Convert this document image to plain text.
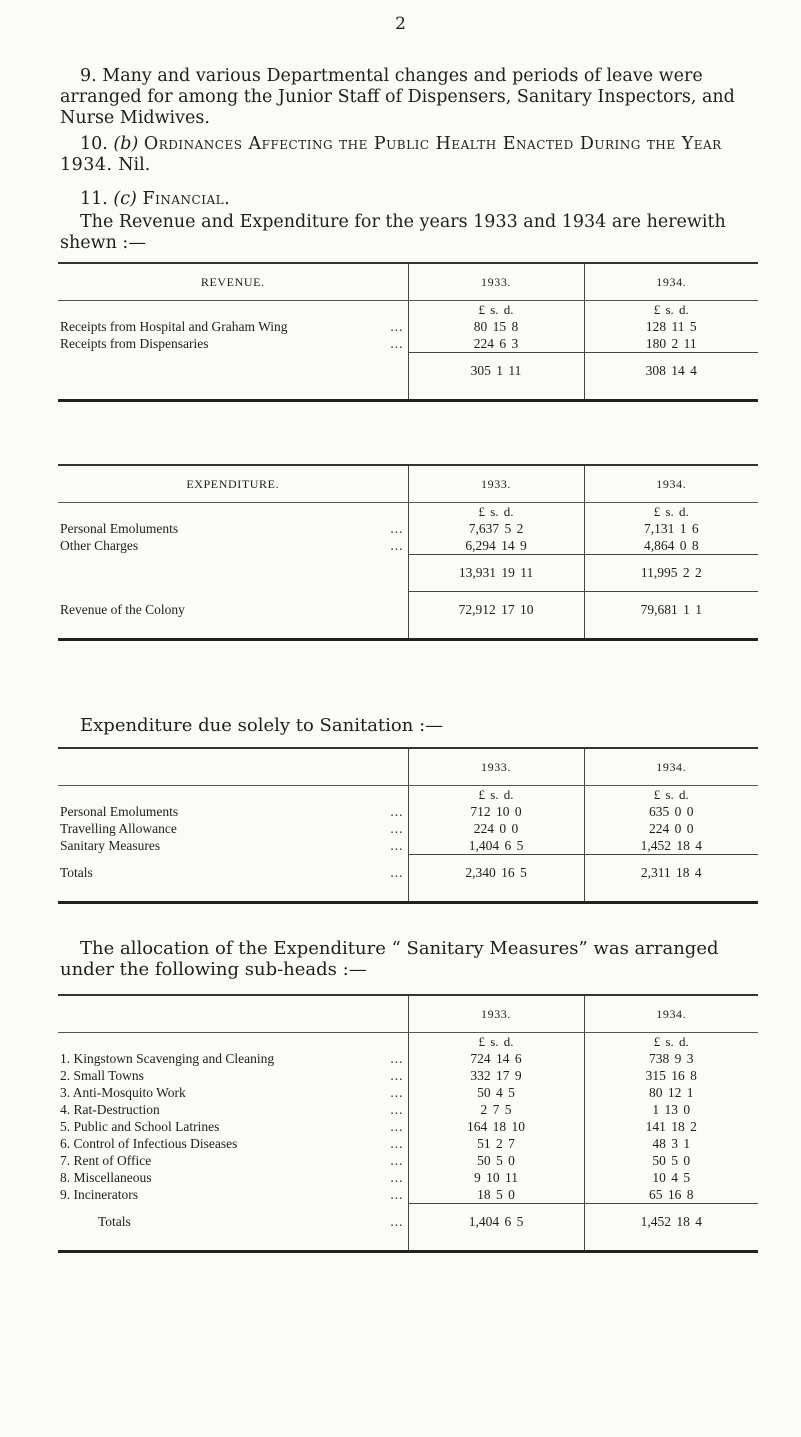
2
9. Many and various Departmental changes and periods of leave were arranged for among the Junior Staff of Dispensers, Sanitary Inspectors, and Nurse Midwives.
10. (b) Ordinances Affecting the Public Health Enacted During the Year 1934. Nil.
11. (c) Financial.
The Revenue and Expenditure for the years 1933 and 1934 are herewith shewn :—
REVENUE.		1933.	1934.
		£ s. d.	£ s. d.
Receipts from Hospital and Graham Wing	...	80 15 8	128 11 5
Receipts from Dispensaries	...	224 6 3	180 2 11
		305 1 11	308 14 4

EXPENDITURE.		1933.	1934.
		£ s. d.	£ s. d.
Personal Emoluments	...	7,637 5 2	7,131 1 6
Other Charges	...	6,294 14 9	4,864 0 8
		13,931 19 11	11,995 2 2
Revenue of the Colony		72,912 17 10	79,681 1 1

Expenditure due solely to Sanitation :—
		1933.	1934.
		£ s. d.	£ s. d.
Personal Emoluments	...	712 10 0	635 0 0
Travelling Allowance	...	224 0 0	224 0 0
Sanitary Measures	...	1,404 6 5	1,452 18 4
Totals	...	2,340 16 5	2,311 18 4

The allocation of the Expenditure “ Sanitary Measures” was arranged under the following sub-heads :—
		1933.	1934.
		£ s. d.	£ s. d.
1. Kingstown Scavenging and Cleaning	...	724 14 6	738 9 3
2. Small Towns	...	332 17 9	315 16 8
3. Anti-Mosquito Work	...	50 4 5	80 12 1
4. Rat-Destruction	...	2 7 5	1 13 0
5. Public and School Latrines	...	164 18 10	141 18 2
6. Control of Infectious Diseases	...	51 2 7	48 3 1
7. Rent of Office	...	50 5 0	50 5 0
8. Miscellaneous	...	9 10 11	10 4 5
9. Incinerators	...	18 5 0	65 16 8
Totals	...	1,404 6 5	1,452 18 4
